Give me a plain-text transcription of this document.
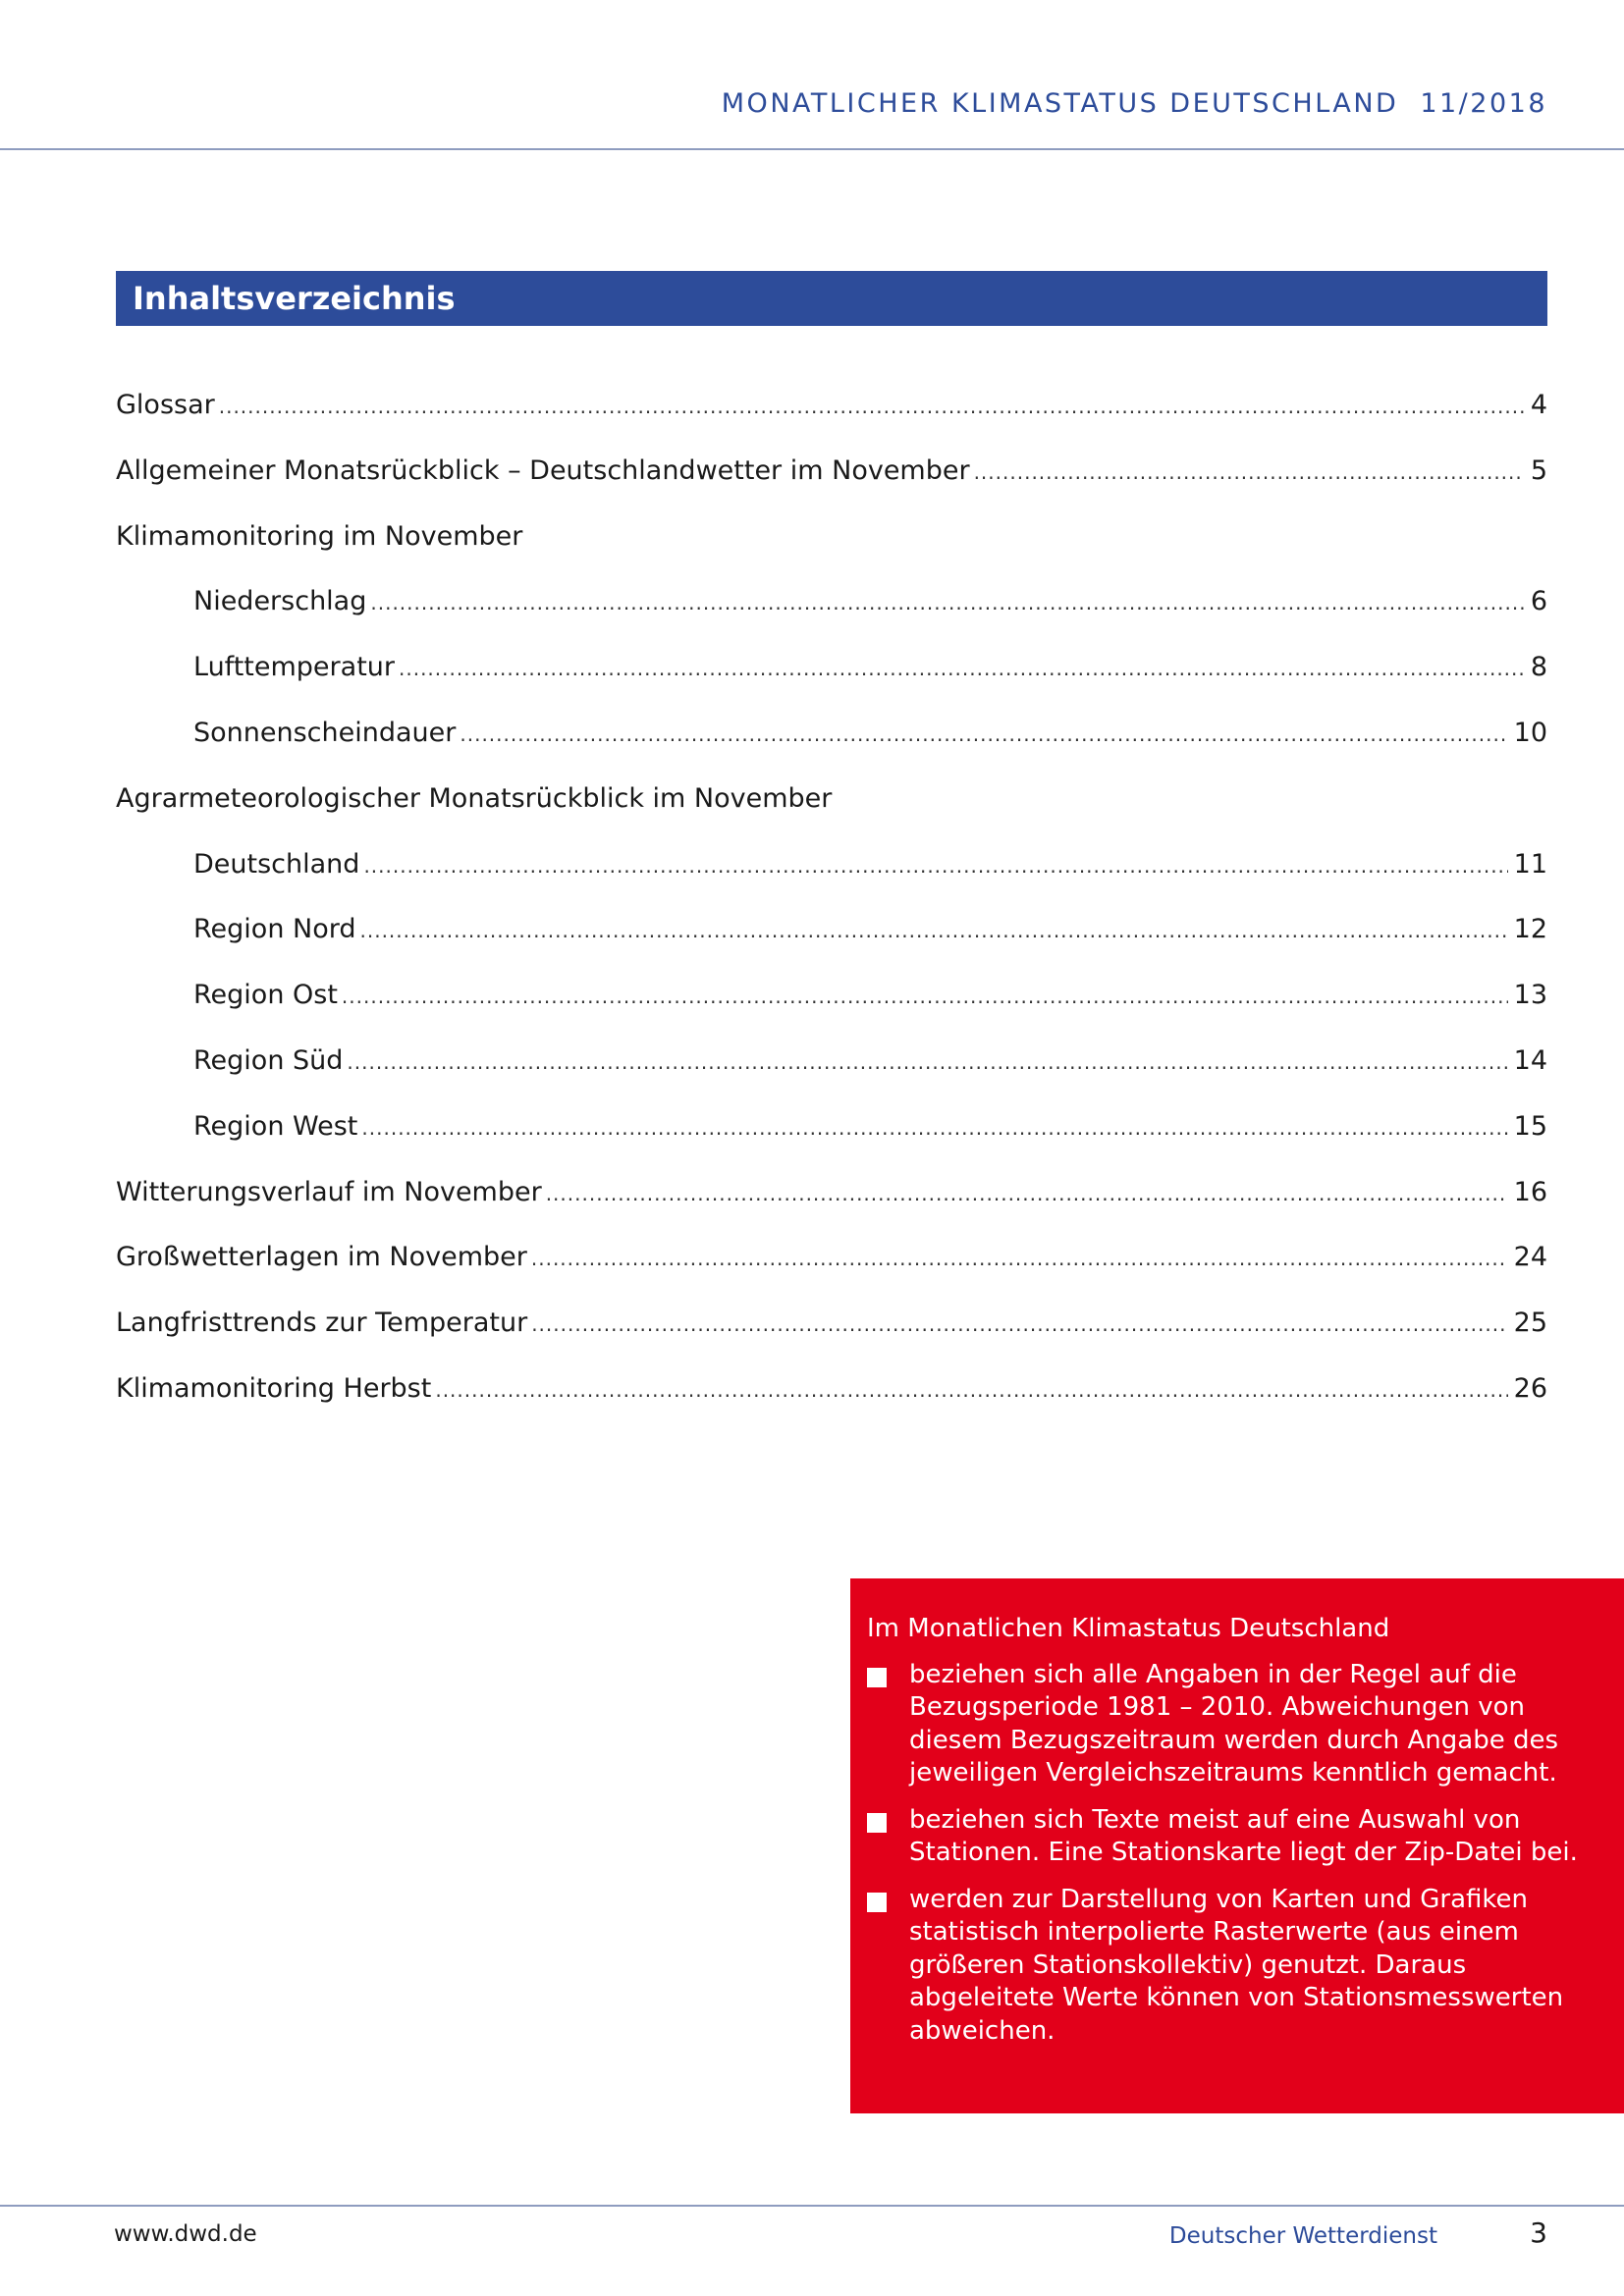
MONATLICHER KLIMASTATUS DEUTSCHLAND 11/2018
Inhaltsverzeichnis
Glossar .....	4
Allgemeiner Monatsrückblick – Deutschlandwetter im November .....	5
Klimamonitoring im November
Niederschlag .....	6
Lufttemperatur .....	8
Sonnenscheindauer .....	10
Agrarmeteorologischer Monatsrückblick im November
Deutschland .....	11
Region Nord .....	12
Region Ost .....	13
Region Süd .....	14
Region West .....	15
Witterungsverlauf im November .....	16
Großwetterlagen im November .....	24
Langfristtrends zur Temperatur .....	25
Klimamonitoring Herbst .....	26
Im Monatlichen Klimastatus Deutschland
beziehen sich alle Angaben in der Regel auf die Bezugsperiode 1981 – 2010. Abweichungen von diesem Bezugszeitraum werden durch Angabe des jeweiligen Vergleichszeitraums kenntlich gemacht.
beziehen sich Texte meist auf eine Auswahl von Stationen. Eine Stationskarte liegt der Zip-Datei bei.
werden zur Darstellung von Karten und Grafiken statistisch interpolierte Rasterwerte (aus einem größeren Stationskollektiv) genutzt. Daraus abgeleitete Werte können von Stationsmesswerten abweichen.
www.dwd.de	Deutscher Wetterdienst	3
